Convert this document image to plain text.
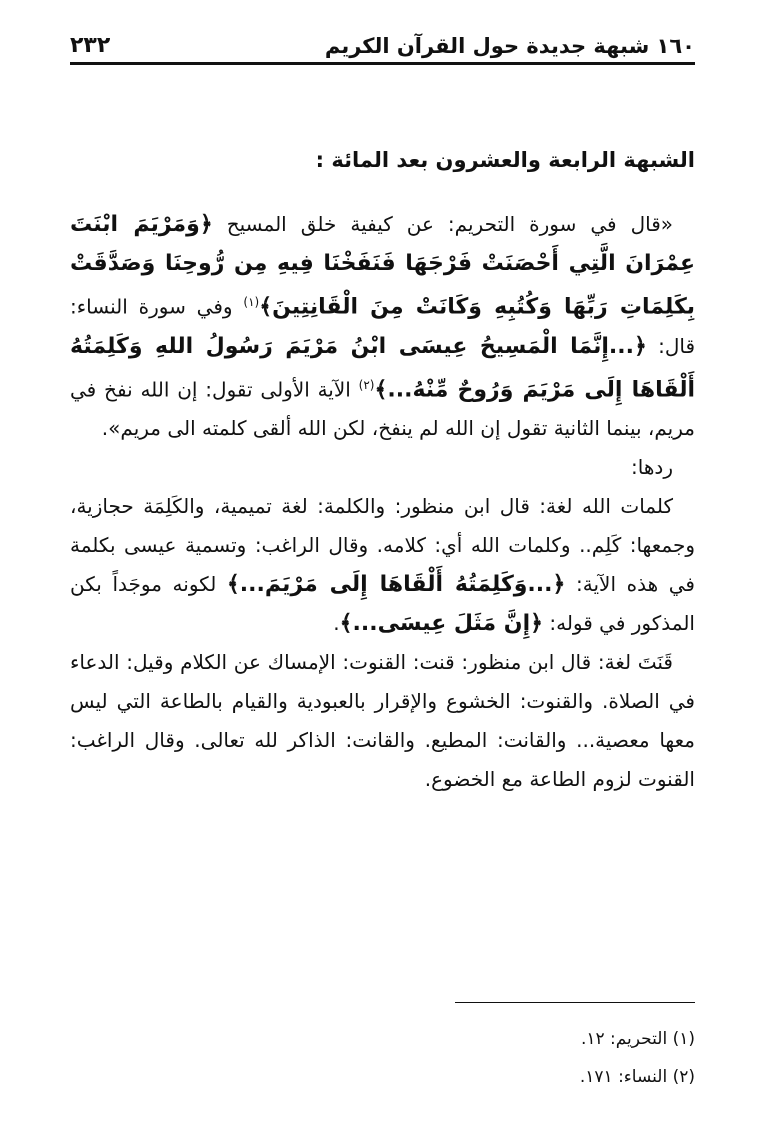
١٦٠ شبهة جديدة حول القرآن الكريم
٢٣٢
الشبهة الرابعة والعشرون بعد المائة :

«قال في سورة التحريم: عن كيفية خلق المسيح ﴿وَمَرْيَمَ ابْنَتَ عِمْرَانَ الَّتِي أَحْصَنَتْ فَرْجَهَا فَنَفَخْنَا فِيهِ مِن رُّوحِنَا وَصَدَّقَتْ بِكَلِمَاتِ رَبِّهَا وَكُتُبِهِ وَكَانَتْ مِنَ الْقَانِتِينَ﴾$^{(١)}$ وفي سورة النساء: قال: ﴿...إِنَّمَا الْمَسِيحُ عِيسَى ابْنُ مَرْيَمَ رَسُولُ اللهِ وَكَلِمَتُهُ أَلْقَاهَا إِلَى مَرْيَمَ وَرُوحٌ مِّنْهُ...﴾$^{(٢)}$ الآية الأولى تقول: إن الله نفخ في مريم، بينما الثانية تقول إن الله لم ينفخ، لكن الله ألقى كلمته الى مريم».

ردها:

كلمات الله لغة: قال ابن منظور: والكلمة: لغة تميمية، والكَلِمَة حجازية، وجمعها: كَلِم.. وكلمات الله أي: كلامه. وقال الراغب: وتسمية عيسى بكلمة في هذه الآية: ﴿...وَكَلِمَتُهُ أَلْقَاهَا إِلَى مَرْيَمَ...﴾ لكونه موجَداً بكن المذكور في قوله: ﴿إِنَّ مَثَلَ عِيسَى...﴾.

قَنَتَ لغة: قال ابن منظور: قنت: القنوت: الإمساك عن الكلام وقيل: الدعاء في الصلاة. والقنوت: الخشوع والإقرار بالعبودية والقيام بالطاعة التي ليس معها معصية... والقانت: المطيع. والقانت: الذاكر لله تعالى. وقال الراغب: القنوت لزوم الطاعة مع الخضوع.

(١) التحريم: ١٢.
(٢) النساء: ١٧١.
